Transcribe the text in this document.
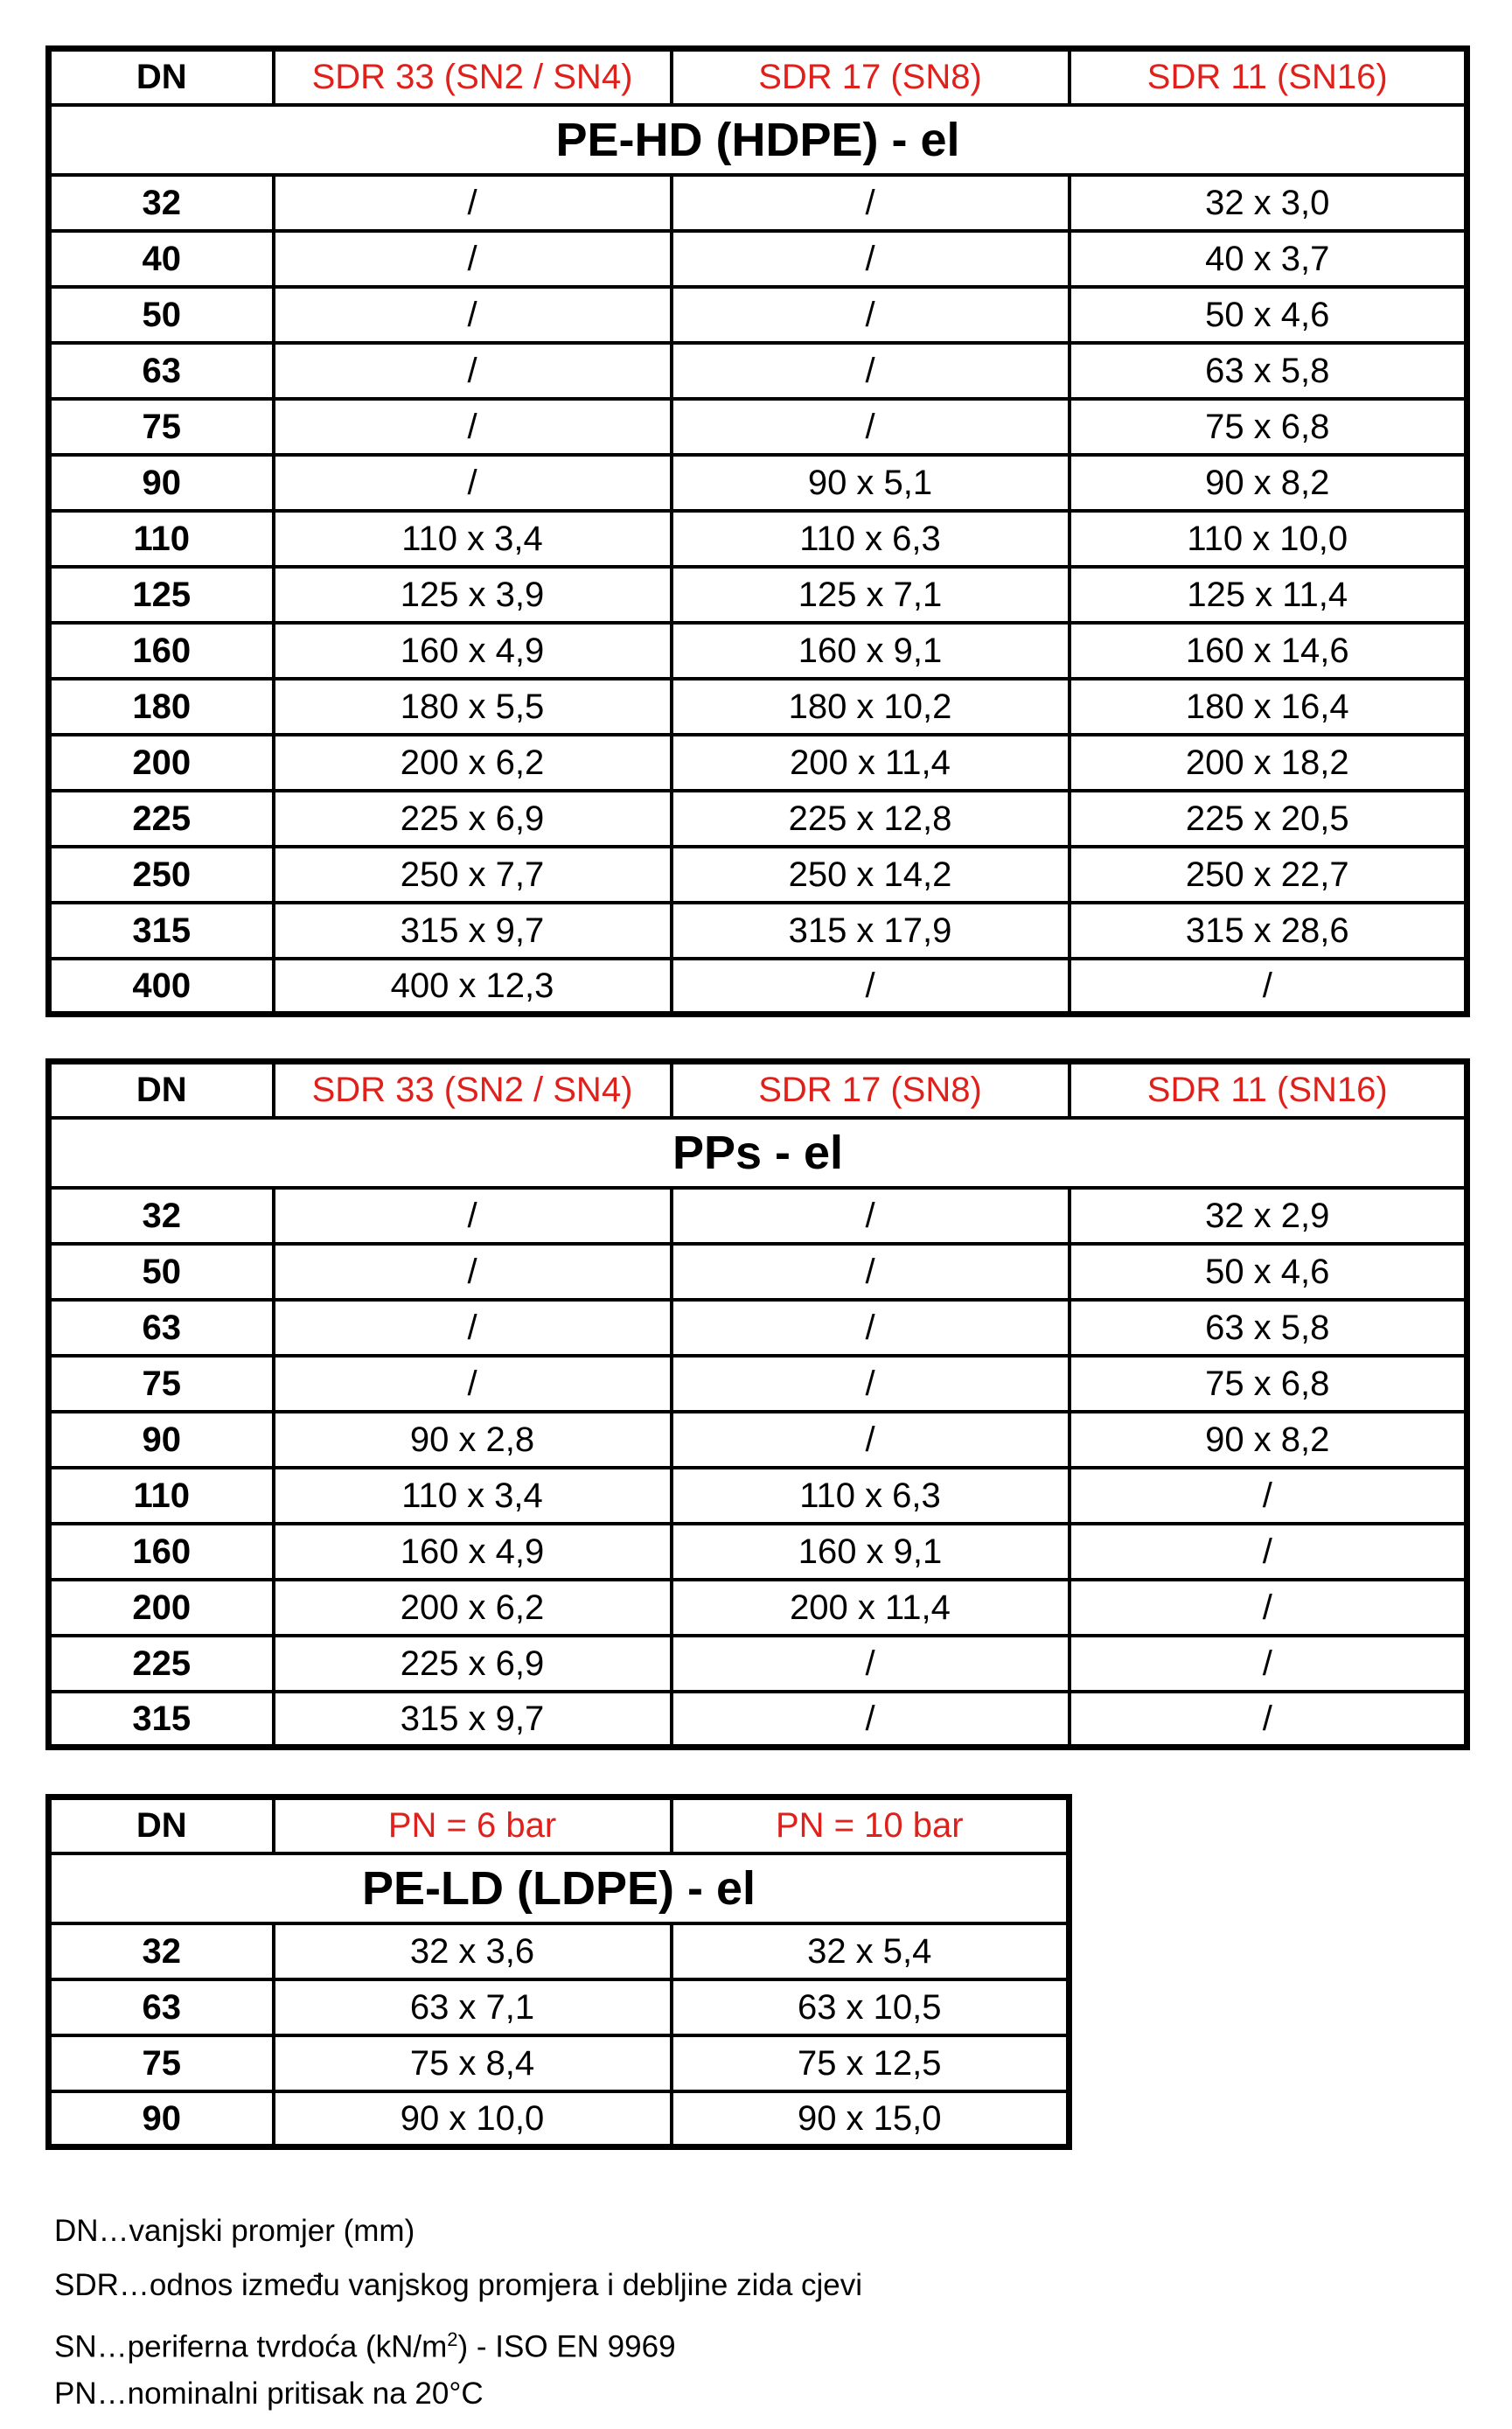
DN	SDR 33 (SN2 / SN4)	SDR 17 (SN8)	SDR 11 (SN16)
PE-HD (HDPE) - el			
32	/	/	32 x 3,0
40	/	/	40 x 3,7
50	/	/	50 x 4,6
63	/	/	63 x 5,8
75	/	/	75 x 6,8
90	/	90 x 5,1	90 x 8,2
110	110 x 3,4	110 x 6,3	110 x 10,0
125	125 x 3,9	125 x 7,1	125 x 11,4
160	160 x 4,9	160 x 9,1	160 x 14,6
180	180 x 5,5	180 x 10,2	180 x 16,4
200	200 x 6,2	200 x 11,4	200 x 18,2
225	225 x 6,9	225 x 12,8	225 x 20,5
250	250 x 7,7	250 x 14,2	250 x 22,7
315	315 x 9,7	315 x 17,9	315 x 28,6
400	400 x 12,3	/	/
DN	SDR 33 (SN2 / SN4)	SDR 17 (SN8)	SDR 11 (SN16)
PPs - el			
32	/	/	32 x 2,9
50	/	/	50 x 4,6
63	/	/	63 x 5,8
75	/	/	75 x 6,8
90	90 x 2,8	/	90 x 8,2
110	110 x 3,4	110 x 6,3	/
160	160 x 4,9	160 x 9,1	/
200	200 x 6,2	200 x 11,4	/
225	225 x 6,9	/	/
315	315 x 9,7	/	/
DN	PN = 6 bar	PN = 10 bar
PE-LD (LDPE) - el		
32	32 x 3,6	32 x 5,4
63	63 x 7,1	63 x 10,5
75	75 x 8,4	75 x 12,5
90	90 x 10,0	90 x 15,0
DN…vanjski promjer (mm)
SDR…odnos između vanjskog promjera i debljine zida cjevi
SN…periferna tvrdoća $(kN/m^2)$ - ISO EN 9969
PN…nominalni pritisak na 20°C
